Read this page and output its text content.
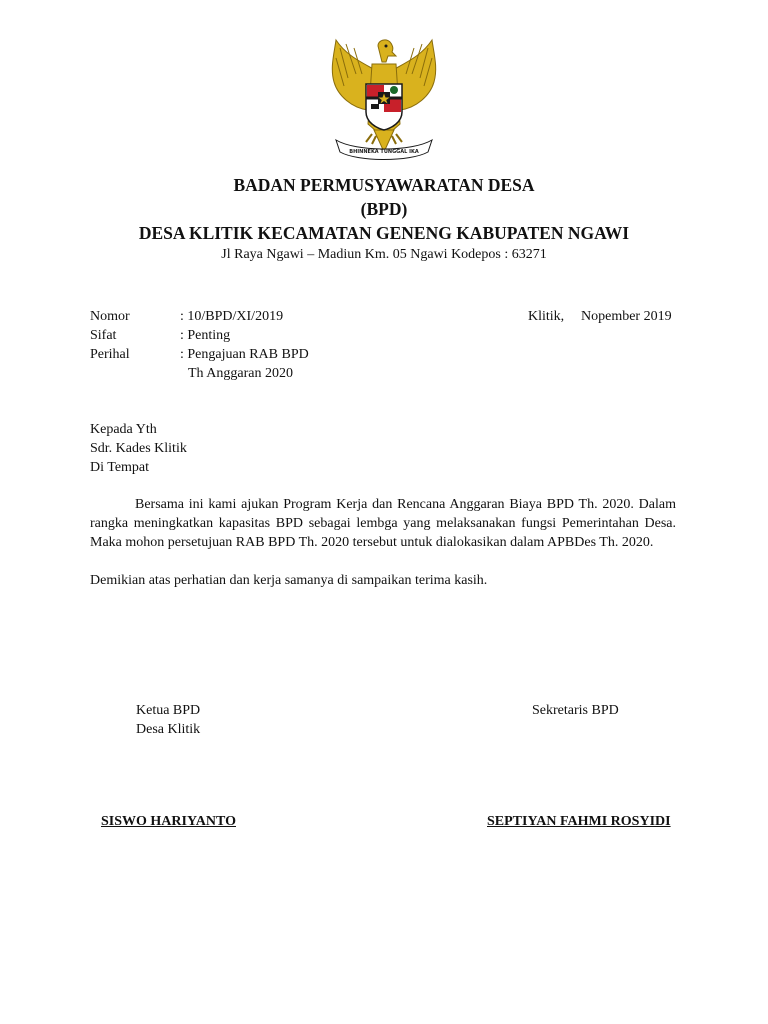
BHINNEKA TUNGGAL IKA
BADAN PERMUSYAWARATAN DESA
(BPD)
DESA KLITIK KECAMATAN GENENG KABUPATEN NGAWI
Jl Raya Ngawi – Madiun Km. 05 Ngawi Kodepos : 63271
Nomor	: 10/BPD/XI/2019	Klitik, Nopember 2019
Sifat	: Penting
Perihal	: Pengajuan RAB BPD
Th Anggaran 2020
Kepada Yth
Sdr. Kades Klitik
Di Tempat
Bersama ini kami ajukan Program Kerja dan Rencana Anggaran Biaya BPD Th. 2020. Dalam rangka meningkatkan kapasitas BPD sebagai lembga yang melaksanakan fungsi Pemerintahan Desa. Maka mohon persetujuan RAB BPD Th. 2020 tersebut untuk dialokasikan dalam APBDes Th. 2020.
Demikian atas perhatian dan kerja samanya di sampaikan terima kasih.
Ketua BPD
Desa Klitik
Sekretaris BPD
SISWO HARIYANTO	SEPTIYAN FAHMI ROSYIDI
